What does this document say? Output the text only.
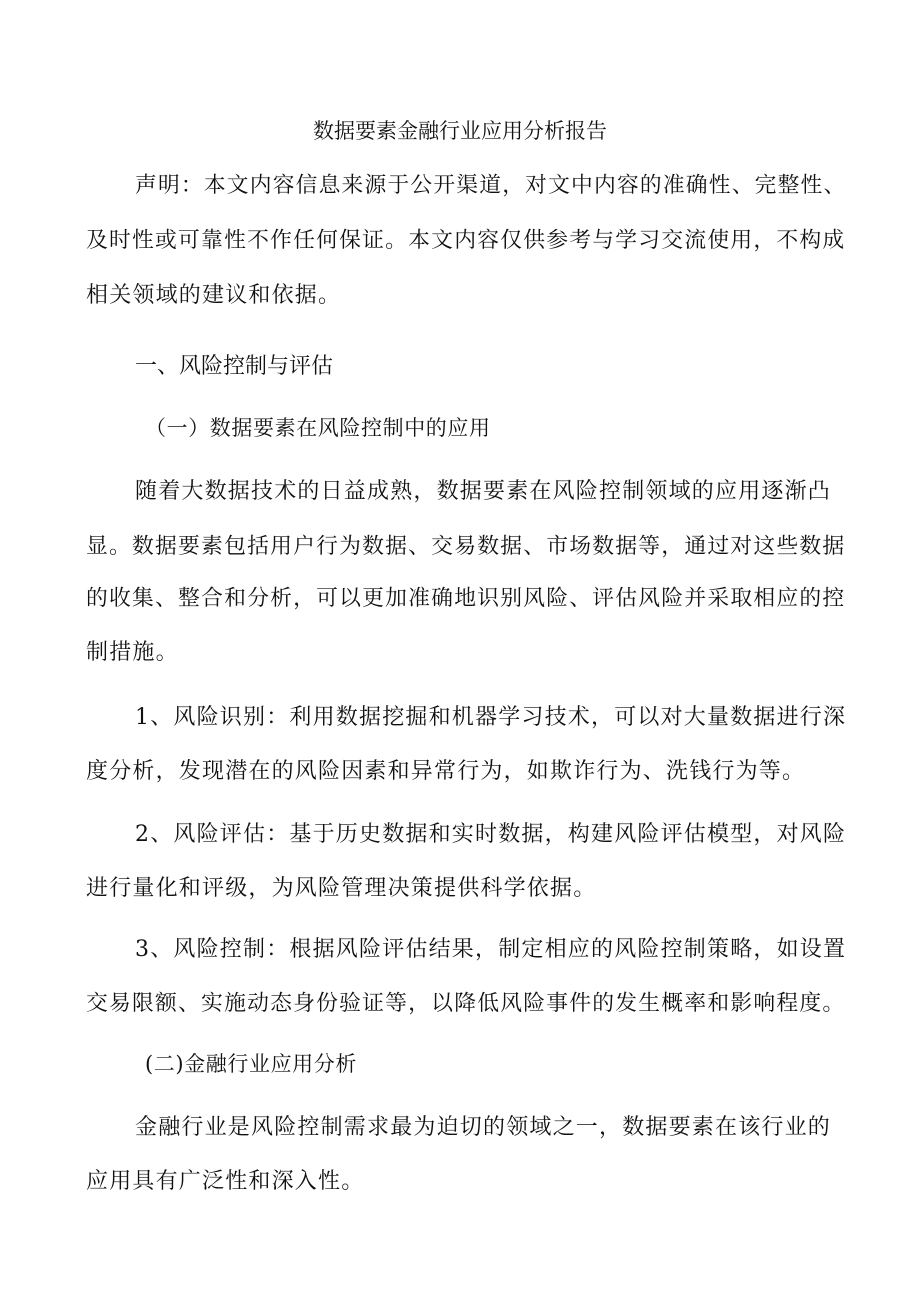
数据要素金融行业应用分析报告
声明：本文内容信息来源于公开渠道，对文中内容的准确性、完整性、
及时性或可靠性不作任何保证。本文内容仅供参考与学习交流使用，不构成
相关领域的建议和依据。
一、风险控制与评估
（一）数据要素在风险控制中的应用
随着大数据技术的日益成熟，数据要素在风险控制领域的应用逐渐凸
显。数据要素包括用户行为数据、交易数据、市场数据等，通过对这些数据
的收集、整合和分析，可以更加准确地识别风险、评估风险并采取相应的控
制措施。
1、风险识别：利用数据挖掘和机器学习技术，可以对大量数据进行深
度分析，发现潜在的风险因素和异常行为，如欺诈行为、洗钱行为等。
2、风险评估：基于历史数据和实时数据，构建风险评估模型，对风险
进行量化和评级，为风险管理决策提供科学依据。
3、风险控制：根据风险评估结果，制定相应的风险控制策略，如设置
交易限额、实施动态身份验证等，以降低风险事件的发生概率和影响程度。
(二)金融行业应用分析
金融行业是风险控制需求最为迫切的领域之一，数据要素在该行业的
应用具有广泛性和深入性。
